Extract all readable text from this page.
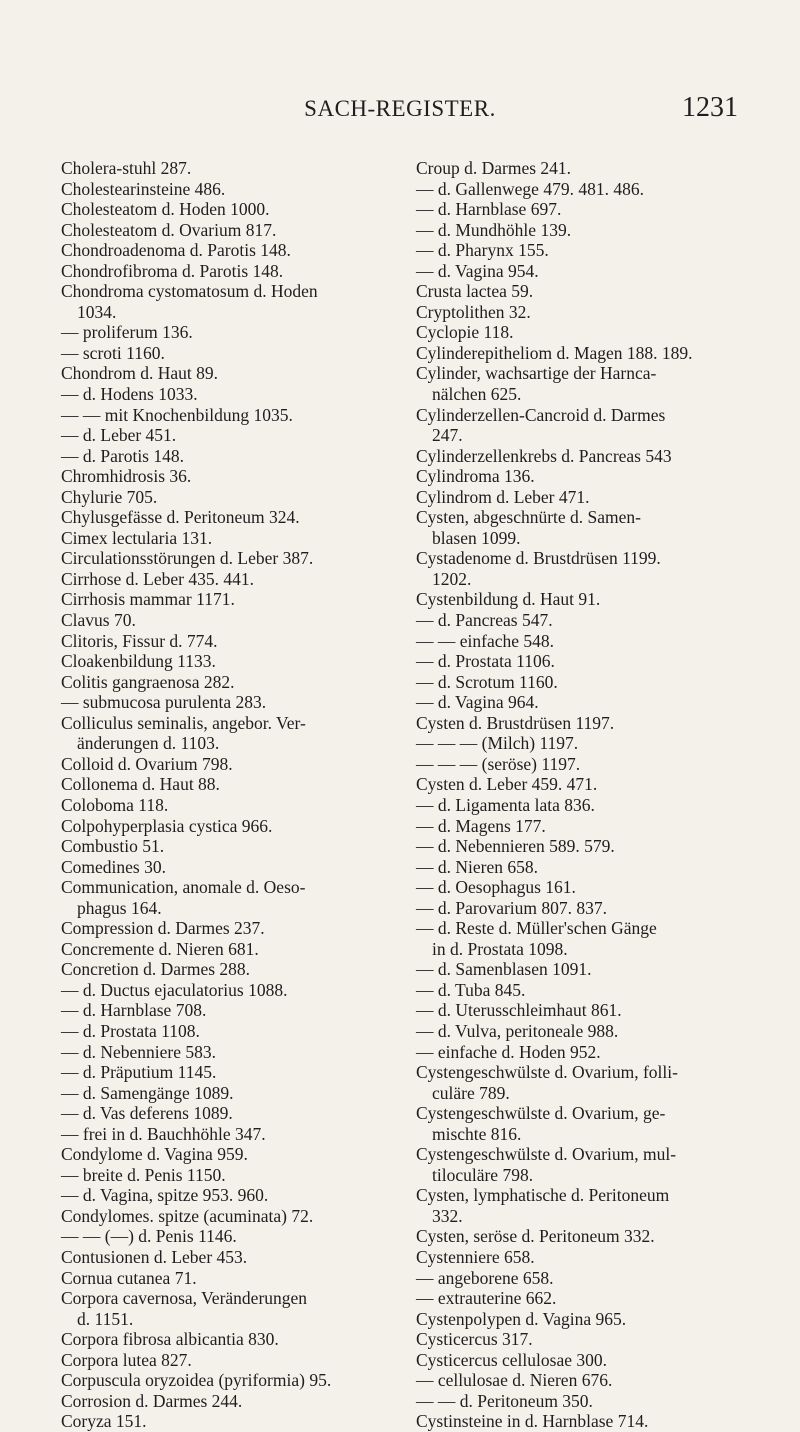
SACH-REGISTER.	1231
Cholera-stuhl 287.
Cholestearinsteine 486.
Cholesteatom d. Hoden 1000.
Cholesteatom d. Ovarium 817.
Chondroadenoma d. Parotis 148.
Chondrofibroma d. Parotis 148.
Chondroma cystomatosum d. Hoden
1034.
— proliferum 136.
— scroti 1160.
Chondrom d. Haut 89.
— d. Hodens 1033.
— — mit Knochenbildung 1035.
— d. Leber 451.
— d. Parotis 148.
Chromhidrosis 36.
Chylurie 705.
Chylusgefässe d. Peritoneum 324.
Cimex lectularia 131.
Circulationsstörungen d. Leber 387.
Cirrhose d. Leber 435. 441.
Cirrhosis mammar 1171.
Clavus 70.
Clitoris, Fissur d. 774.
Cloakenbildung 1133.
Colitis gangraenosa 282.
— submucosa purulenta 283.
Colliculus seminalis, angebor. Ver-
änderungen d. 1103.
Colloid d. Ovarium 798.
Collonema d. Haut 88.
Coloboma 118.
Colpohyperplasia cystica 966.
Combustio 51.
Comedines 30.
Communication, anomale d. Oeso-
phagus 164.
Compression d. Darmes 237.
Concremente d. Nieren 681.
Concretion d. Darmes 288.
— d. Ductus ejaculatorius 1088.
— d. Harnblase 708.
— d. Prostata 1108.
— d. Nebenniere 583.
— d. Präputium 1145.
— d. Samengänge 1089.
— d. Vas deferens 1089.
— frei in d. Bauchhöhle 347.
Condylome d. Vagina 959.
— breite d. Penis 1150.
— d. Vagina, spitze 953. 960.
Condylomes. spitze (acuminata) 72.
— — (—) d. Penis 1146.
Contusionen d. Leber 453.
Cornua cutanea 71.
Corpora cavernosa, Veränderungen
d. 1151.
Corpora fibrosa albicantia 830.
Corpora lutea 827.
Corpuscula oryzoidea (pyriformia) 95.
Corrosion d. Darmes 244.
Coryza 151.
Croup d. Darmes 241.
— d. Gallenwege 479. 481. 486.
— d. Harnblase 697.
— d. Mundhöhle 139.
— d. Pharynx 155.
— d. Vagina 954.
Crusta lactea 59.
Cryptolithen 32.
Cyclopie 118.
Cylinderepitheliom d. Magen 188. 189.
Cylinder, wachsartige der Harnca-
nälchen 625.
Cylinderzellen-Cancroid d. Darmes
247.
Cylinderzellenkrebs d. Pancreas 543
Cylindroma 136.
Cylindrom d. Leber 471.
Cysten, abgeschnürte d. Samen-
blasen 1099.
Cystadenome d. Brustdrüsen 1199.
1202.
Cystenbildung d. Haut 91.
— d. Pancreas 547.
— — einfache 548.
— d. Prostata 1106.
— d. Scrotum 1160.
— d. Vagina 964.
Cysten d. Brustdrüsen 1197.
— — — (Milch) 1197.
— — — (seröse) 1197.
Cysten d. Leber 459. 471.
— d. Ligamenta lata 836.
— d. Magens 177.
— d. Nebennieren 589. 579.
— d. Nieren 658.
— d. Oesophagus 161.
— d. Parovarium 807. 837.
— d. Reste d. Müller'schen Gänge
in d. Prostata 1098.
— d. Samenblasen 1091.
— d. Tuba 845.
— d. Uterusschleimhaut 861.
— d. Vulva, peritoneale 988.
— einfache d. Hoden 952.
Cystengeschwülste d. Ovarium, folli-
culäre 789.
Cystengeschwülste d. Ovarium, ge-
mischte 816.
Cystengeschwülste d. Ovarium, mul-
tiloculäre 798.
Cysten, lymphatische d. Peritoneum
332.
Cysten, seröse d. Peritoneum 332.
Cystenniere 658.
— angeborene 658.
— extrauterine 662.
Cystenpolypen d. Vagina 965.
Cysticercus 317.
Cysticercus cellulosae 300.
— cellulosae d. Nieren 676.
— — d. Peritoneum 350.
Cystinsteine in d. Harnblase 714.
